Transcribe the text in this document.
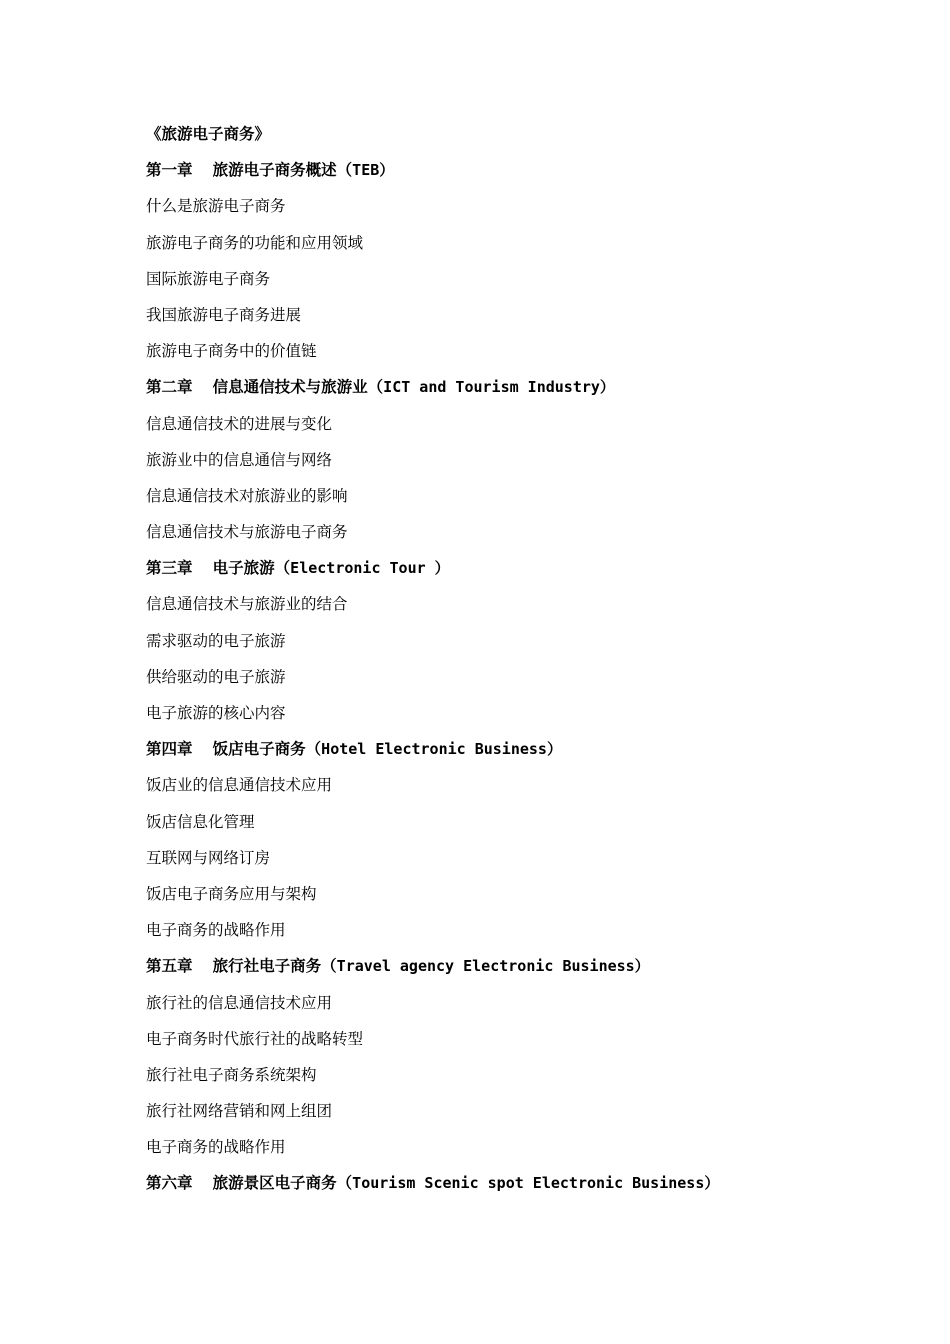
《旅游电子商务》
第一章 旅游电子商务概述（TEB）
什么是旅游电子商务
旅游电子商务的功能和应用领域
国际旅游电子商务
我国旅游电子商务进展
旅游电子商务中的价值链
第二章 信息通信技术与旅游业（ICT and Tourism Industry）
信息通信技术的进展与变化
旅游业中的信息通信与网络
信息通信技术对旅游业的影响
信息通信技术与旅游电子商务
第三章 电子旅游（Electronic Tour ）
信息通信技术与旅游业的结合
需求驱动的电子旅游
供给驱动的电子旅游
电子旅游的核心内容
第四章 饭店电子商务（Hotel Electronic Business）
饭店业的信息通信技术应用
饭店信息化管理
互联网与网络订房
饭店电子商务应用与架构
电子商务的战略作用
第五章 旅行社电子商务（Travel agency Electronic Business）
旅行社的信息通信技术应用
电子商务时代旅行社的战略转型
旅行社电子商务系统架构
旅行社网络营销和网上组团
电子商务的战略作用
第六章 旅游景区电子商务（Tourism Scenic spot Electronic Business）
